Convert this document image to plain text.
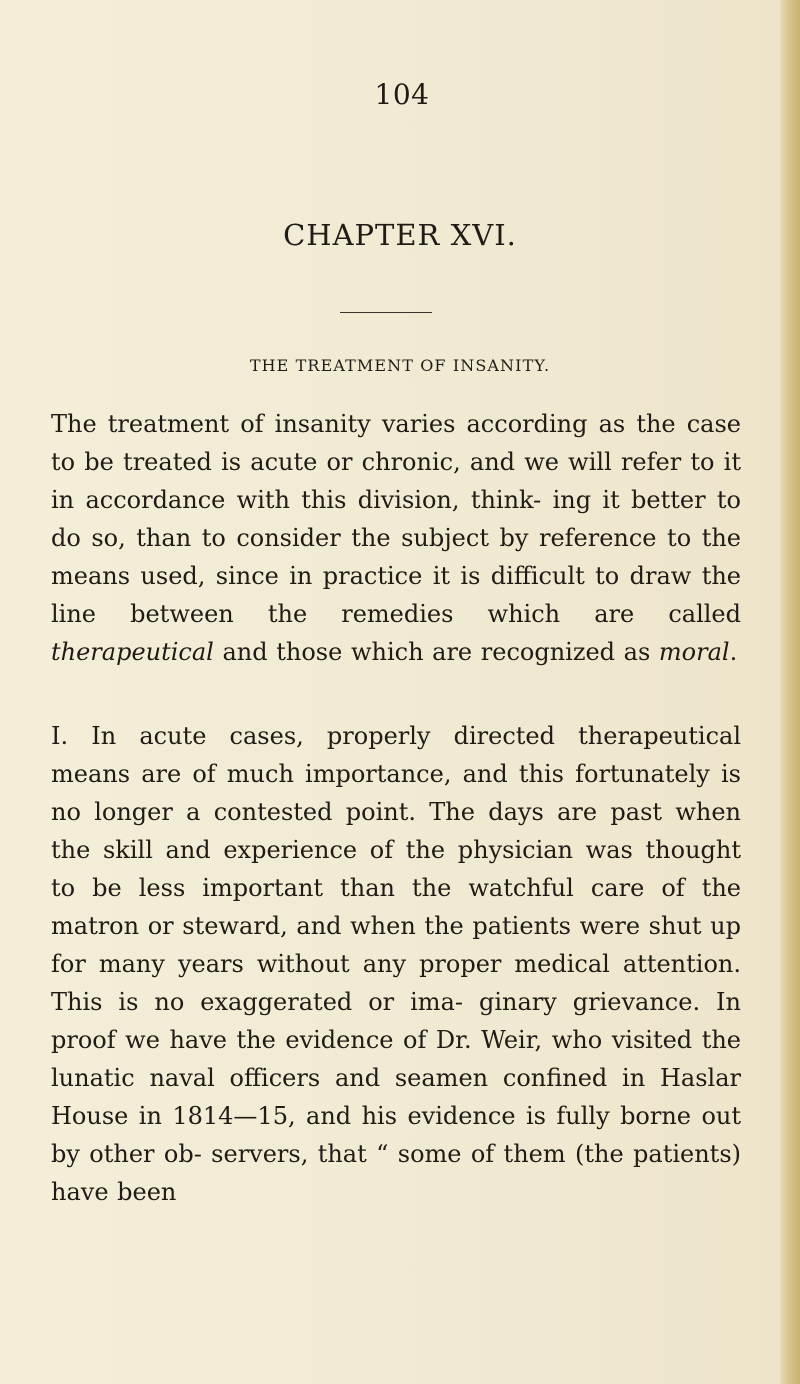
104
CHAPTER XVI.
THE TREATMENT OF INSANITY.

The treatment of insanity varies according as the case to be treated is acute or chronic, and we will refer to it in accordance with this division, think- ing it better to do so, than to consider the subject by reference to the means used, since in practice it is difficult to draw the line between the remedies which are called therapeutical and those which are recognized as moral.

I. In acute cases, properly directed therapeutical means are of much importance, and this fortunately is no longer a contested point. The days are past when the skill and experience of the physician was thought to be less important than the watchful care of the matron or steward, and when the patients were shut up for many years without any proper medical attention. This is no exaggerated or ima- ginary grievance. In proof we have the evidence of Dr. Weir, who visited the lunatic naval officers and seamen confined in Haslar House in 1814—15, and his evidence is fully borne out by other ob- servers, that “ some of them (the patients) have been
